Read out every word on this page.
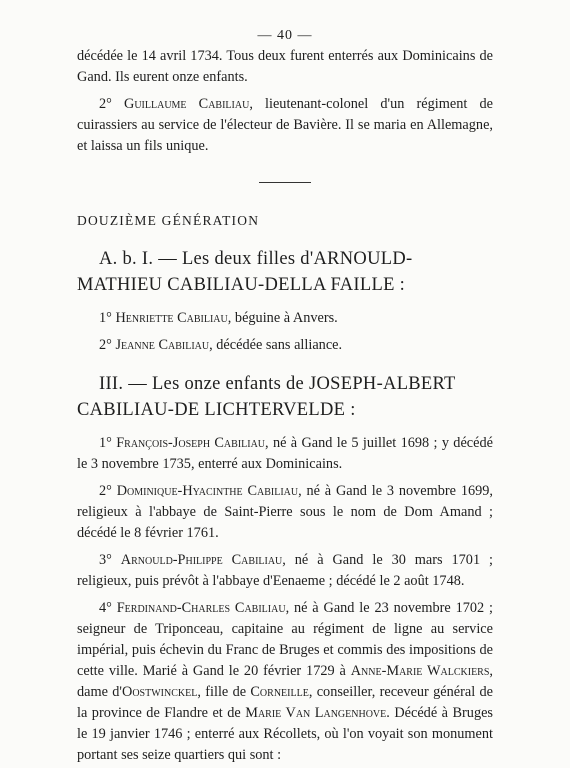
— 40 —

décédée le 14 avril 1734. Tous deux furent enterrés aux Dominicains de Gand. Ils eurent onze enfants.

2° Guillaume Cabiliau, lieutenant-colonel d'un régiment de cuirassiers au service de l'électeur de Bavière. Il se maria en Allemagne, et laissa un fils unique.

DOUZIÈME GÉNÉRATION

A. b. I. — Les deux filles d'ARNOULD-MATHIEU CABILIAU-DELLA FAILLE :

1° Henriette Cabiliau, béguine à Anvers.

2° Jeanne Cabiliau, décédée sans alliance.

III. — Les onze enfants de JOSEPH-ALBERT CABILIAU-DE LICHTERVELDE :

1° François-Joseph Cabiliau, né à Gand le 5 juillet 1698 ; y décédé le 3 novembre 1735, enterré aux Dominicains.

2° Dominique-Hyacinthe Cabiliau, né à Gand le 3 novembre 1699, religieux à l'abbaye de Saint-Pierre sous le nom de Dom Amand ; décédé le 8 février 1761.

3° Arnould-Philippe Cabiliau, né à Gand le 30 mars 1701 ; religieux, puis prévôt à l'abbaye d'Eenaeme ; décédé le 2 août 1748.

4° Ferdinand-Charles Cabiliau, né à Gand le 23 novembre 1702 ; seigneur de Triponceau, capitaine au régiment de ligne au service impérial, puis échevin du Franc de Bruges et commis des impositions de cette ville. Marié à Gand le 20 février 1729 à Anne-Marie Walckiers, dame d'Oostwinckel, fille de Corneille, conseiller, receveur général de la province de Flandre et de Marie Van Langenhove. Décédé à Bruges le 19 janvier 1746 ; enterré aux Récollets, où l'on voyait son monument portant ses seize quartiers qui sont :
